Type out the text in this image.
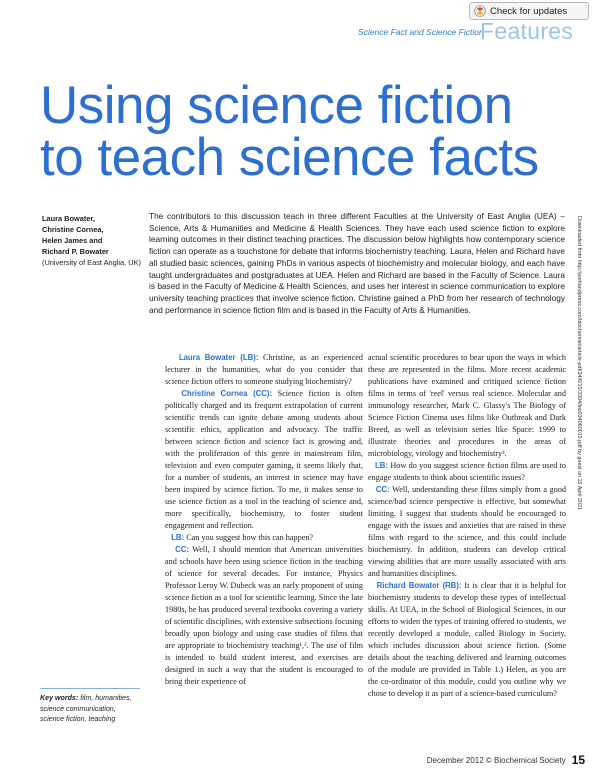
Check for updates
Science Fact and Science Fiction
Features
Using science fiction
to teach science facts
Laura Bowater,
Christine Cornea,
Helen James and
Richard P. Bowater
(University of East Anglia, UK)

The contributors to this discussion teach in three different Faculties at the University of East Anglia (UEA) – Science, Arts & Humanities and Medicine & Health Sciences. They have each used science fiction to explore learning outcomes in their distinct teaching practices. The discussion below highlights how contemporary science fiction can operate as a touchstone for debate that informs biochemistry teaching. Laura, Helen and Richard have all studied basic sciences, gaining PhDs in various aspects of biochemistry and molecular biology, and each have taught undergraduates and postgraduates at UEA. Helen and Richard are based in the Faculty of Science. Laura is based in the Faculty of Medicine & Health Sciences, and uses her interest in science communication to explore university teaching practices that involve science fiction. Christine gained a PhD from her research of technology and performance in science fiction film and is based in the Faculty of Arts & Humanities.

Laura Bowater (LB): Christine, as an experienced lecturer in the humanities, what do you consider that science fiction offers to someone studying biochemistry?

Christine Cornea (CC): Science fiction is often politically charged and its frequent extrapolation of current scientific trends can ignite debate among students about scientific ethics, application and advocacy. The traffic between science fiction and science fact is growing and, with the proliferation of this genre in mainstream film, television and even computer gaming, it seems likely that, for a number of students, an interest in science may have been inspired by science fiction. To me, it makes sense to use science fiction as a tool in the teaching of science and, more specifically, biochemistry, to foster student engagement and reflection.

LB: Can you suggest how this can happen?

CC: Well, I should mention that American universities and schools have been using science fiction in the teaching of science for several decades. For instance, Physics Professor Leroy W. Dubeck was an early proponent of using science fiction as a tool for scientific learning. Since the late 1980s, he has produced several textbooks covering a variety of scientific disciplines, with extensive subsections focusing broadly upon biology and using case studies of films that are appropriate to biochemistry teaching¹,². The use of film is intended to build student interest, and exercises are designed in such a way that the student is encouraged to bring their experience of

actual scientific procedures to bear upon the ways in which these are represented in the films. More recent academic publications have examined and critiqued science fiction films in terms of 'reel' versus real science. Molecular and immunology researcher, Mark C. Glassy's The Biology of Science Fiction Cinema uses films like Outbreak and Dark Breed, as well as television series like Space: 1999 to illustrate theories and procedures in the areas of microbiology, virology and biochemistry³.

LB: How do you suggest science fiction films are used to engage students to think about scientific issues?

CC: Well, understanding these films simply from a good science/bad science perspective is effective, but somewhat limiting. I suggest that students should be encouraged to engage with the issues and anxieties that are raised in these films with regard to the science, and this could include biochemistry. In addition, students can develop critical viewing abilities that are more usually associated with arts and humanities disciplines.

Richard Bowater (RB): It is clear that it is helpful for biochemistry students to develop these types of intellectual skills. At UEA, in the School of Biological Sciences, in our efforts to widen the types of training offered to students, we recently developed a module, called Biology in Society, which includes discussion about science fiction. (Some details about the teaching delivered and learning outcomes of the module are provided in Table 1.) Helen, as you are the co-ordinator of this module, could you outline why we chose to develop it as part of a science-based curriculum?

Key words: film, humanities, science communication, science fiction, teaching
Downloaded from http://portlandpress.com/biochemist/article-pdf/34/6/15/3394/bio034060015.pdf by guest on 15 April 2021
December 2012 © Biochemical Society 15
